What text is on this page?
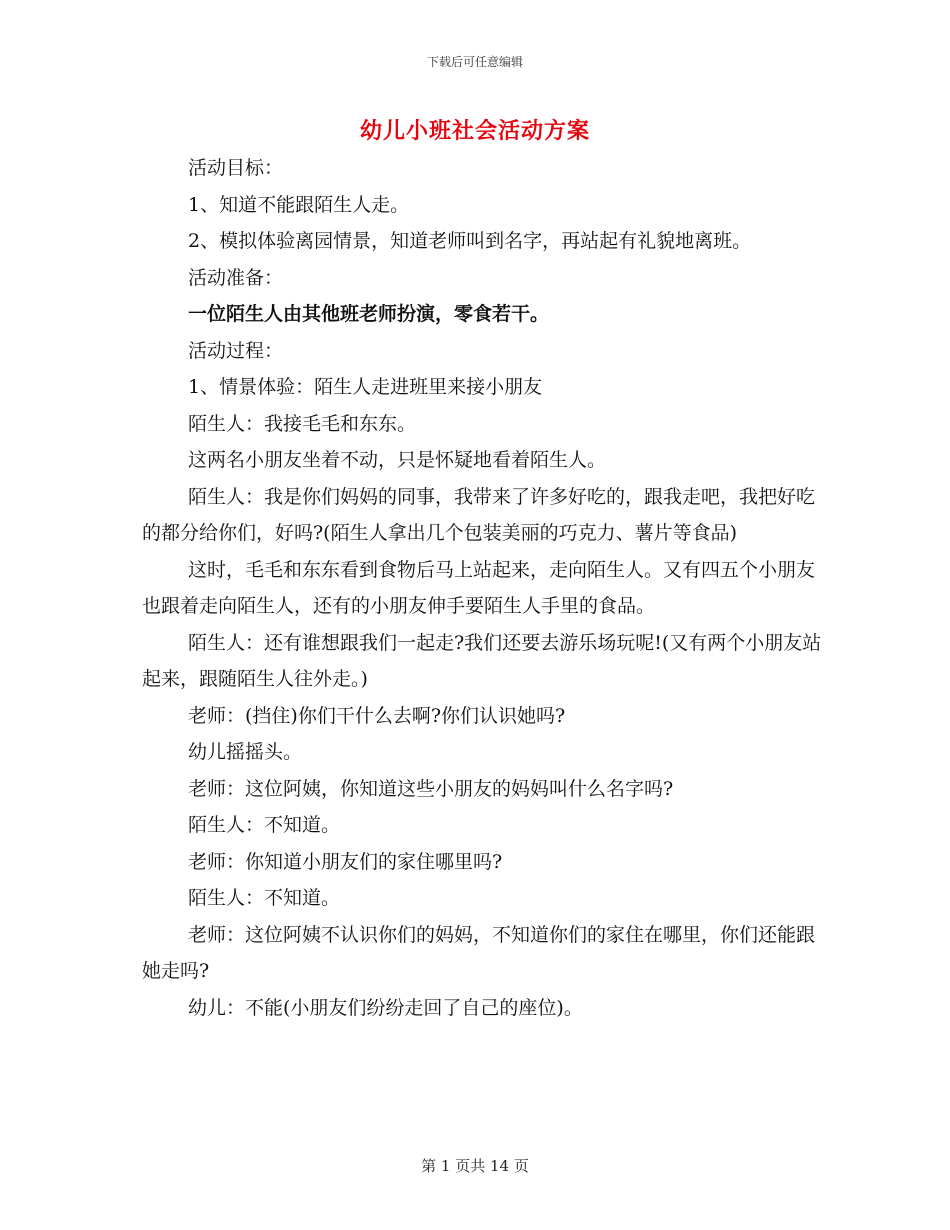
下载后可任意编辑
幼儿小班社会活动方案

活动目标：

1、知道不能跟陌生人走。

2、模拟体验离园情景，知道老师叫到名字，再站起有礼貌地离班。

活动准备：

一位陌生人由其他班老师扮演，零食若干。

活动过程：

1、情景体验：陌生人走进班里来接小朋友

陌生人：我接毛毛和东东。

这两名小朋友坐着不动，只是怀疑地看着陌生人。

陌生人：我是你们妈妈的同事，我带来了许多好吃的，跟我走吧，我把好吃的都分给你们，好吗?(陌生人拿出几个包装美丽的巧克力、薯片等食品)

这时，毛毛和东东看到食物后马上站起来，走向陌生人。又有四五个小朋友也跟着走向陌生人，还有的小朋友伸手要陌生人手里的食品。

陌生人：还有谁想跟我们一起走?我们还要去游乐场玩呢!(又有两个小朋友站起来，跟随陌生人往外走。)

老师：(挡住)你们干什么去啊?你们认识她吗?

幼儿摇摇头。

老师：这位阿姨，你知道这些小朋友的妈妈叫什么名字吗?

陌生人：不知道。

老师：你知道小朋友们的家住哪里吗?

陌生人：不知道。

老师：这位阿姨不认识你们的妈妈，不知道你们的家住在哪里，你们还能跟她走吗?

幼儿：不能(小朋友们纷纷走回了自己的座位)。

第 1 页共 14 页
